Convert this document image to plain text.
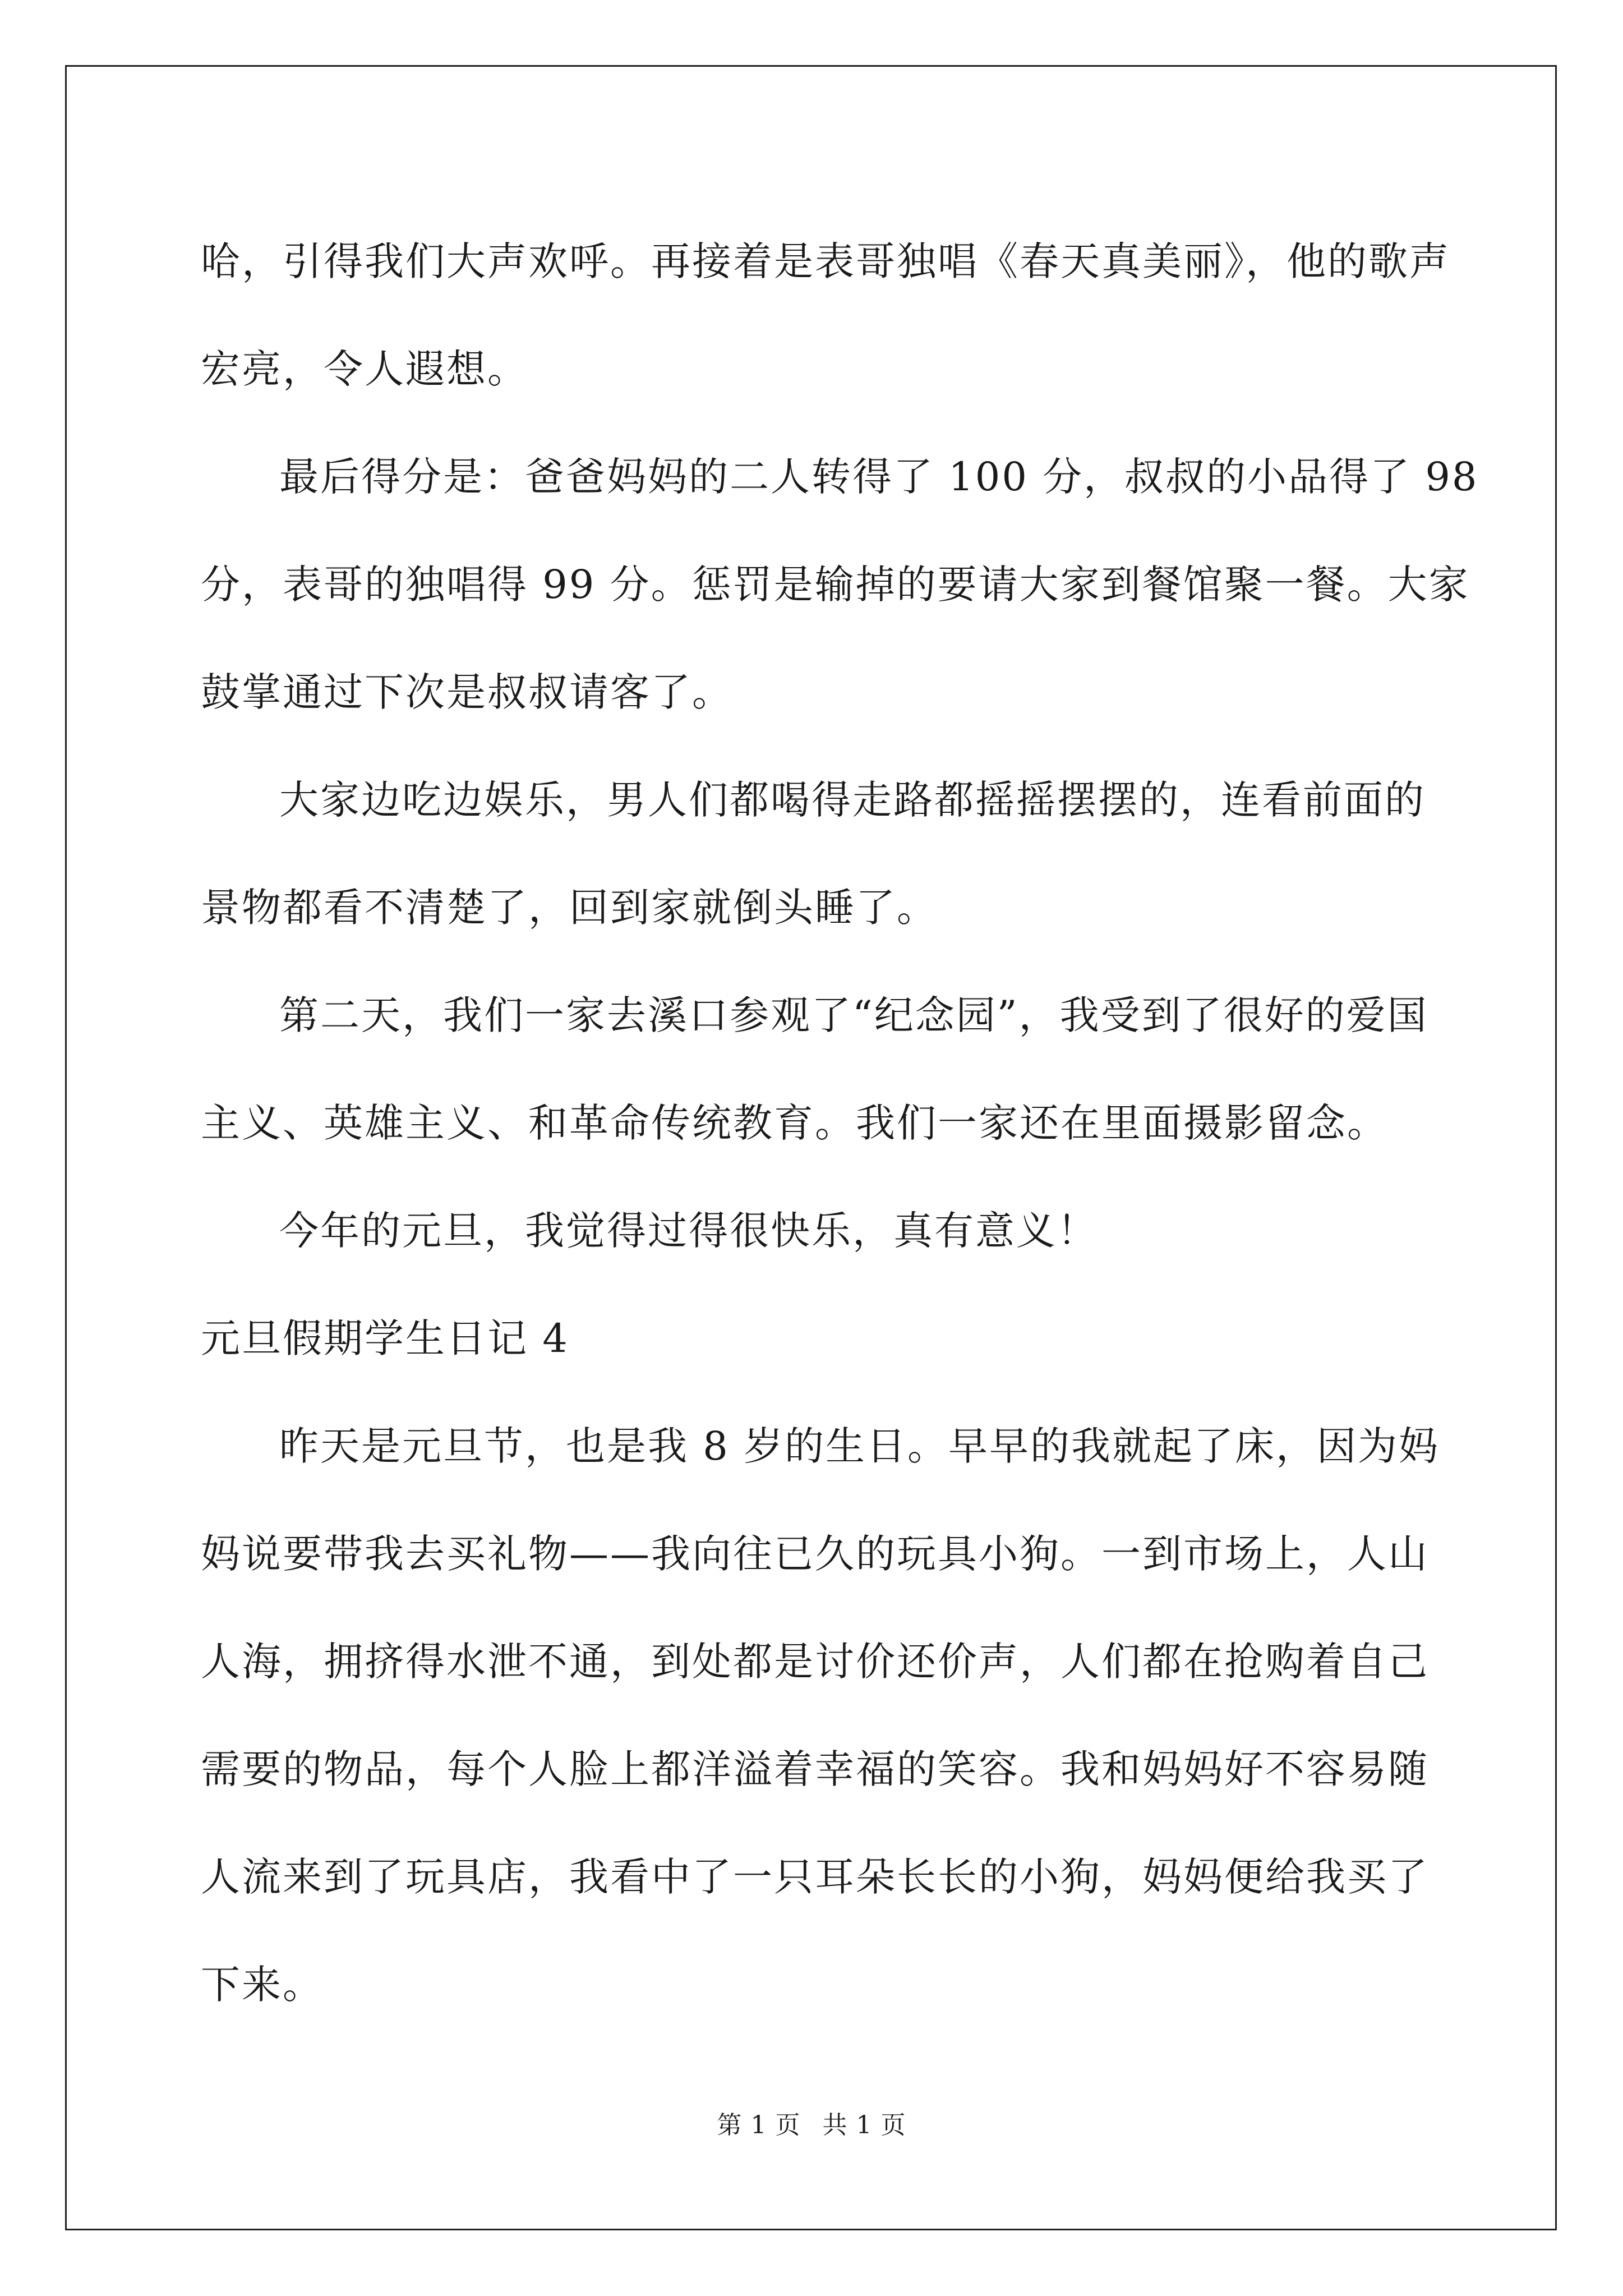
哈，引得我们大声欢呼。再接着是表哥独唱《春天真美丽》，他的歌声
宏亮，令人遐想。
最后得分是：爸爸妈妈的二人转得了 100 分，叔叔的小品得了 98
分，表哥的独唱得 99 分。惩罚是输掉的要请大家到餐馆聚一餐。大家
鼓掌通过下次是叔叔请客了。
大家边吃边娱乐，男人们都喝得走路都摇摇摆摆的，连看前面的
景物都看不清楚了，回到家就倒头睡了。
第二天，我们一家去溪口参观了“纪念园”，我受到了很好的爱国
主义、英雄主义、和革命传统教育。我们一家还在里面摄影留念。
今年的元旦，我觉得过得很快乐，真有意义！
元旦假期学生日记 4
昨天是元旦节，也是我 8 岁的生日。早早的我就起了床，因为妈
妈说要带我去买礼物——我向往已久的玩具小狗。一到市场上，人山
人海，拥挤得水泄不通，到处都是讨价还价声，人们都在抢购着自己
需要的物品，每个人脸上都洋溢着幸福的笑容。我和妈妈好不容易随
人流来到了玩具店，我看中了一只耳朵长长的小狗，妈妈便给我买了
下来。
第 1 页 共 1 页
